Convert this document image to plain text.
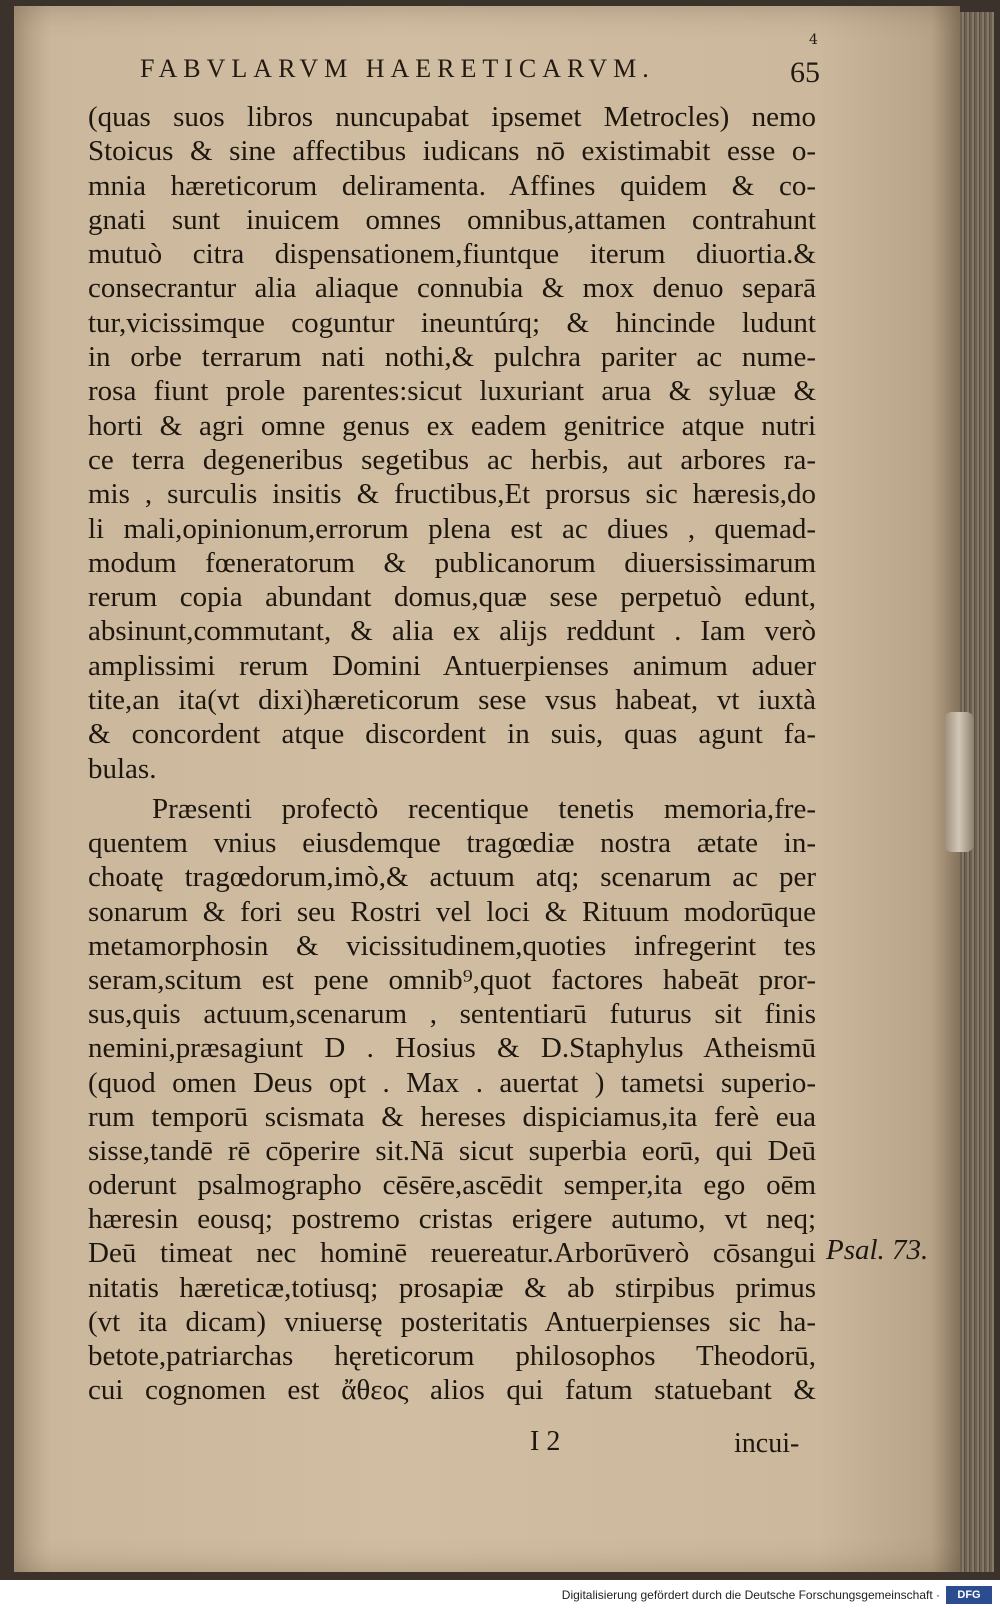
4
FABVLARVM HAERETICARVM.	65
(quas suos libros nuncupabat ipsemet Metrocles) nemo
Stoicus & sine affectibus iudicans nō existimabit esse o-
mnia hæreticorum deliramenta. Affines quidem & co-
gnati sunt inuicem omnes omnibus,attamen contrahunt
mutuò citra dispensationem,fiuntque iterum diuortia.&
consecrantur alia aliaque connubia & mox denuo separā
tur,vicissimque coguntur ineuntúrq; & hincinde ludunt
in orbe terrarum nati nothi,& pulchra pariter ac nume-
rosa fiunt prole parentes:sicut luxuriant arua & syluæ &
horti & agri omne genus ex eadem genitrice atque nutri
ce terra degeneribus segetibus ac herbis, aut arbores ra-
mis , surculis insitis & fructibus,Et prorsus sic hæresis,do
li mali,opinionum,errorum plena est ac diues , quemad-
modum fœneratorum & publicanorum diuersissimarum
rerum copia abundant domus,quæ sese perpetuò edunt,
absinunt,commutant, & alia ex alijs reddunt . Iam verò
amplissimi rerum Domini Antuerpienses animum aduer
tite,an ita(vt dixi)hæreticorum sese vsus habeat, vt iuxtà
& concordent atque discordent in suis, quas agunt fa-
bulas.
Præsenti profectò recentique tenetis memoria,fre-
quentem vnius eiusdemque tragœdiæ nostra ætate in-
choatę tragœdorum,imò,& actuum atq; scenarum ac per
sonarum & fori seu Rostri vel loci & Rituum modorūque
metamorphosin & vicissitudinem,quoties infregerint tes
seram,scitum est pene omnib⁹,quot factores habeāt pror-
sus,quis actuum,scenarum , sententiarū futurus sit finis
nemini,præsagiunt D . Hosius & D.Staphylus Atheismū
(quod omen Deus opt . Max . auertat ) tametsi superio-
rum temporū scismata & hereses dispiciamus,ita ferè eua
sisse,tandē rē cōperire sit.Nā sicut superbia eorū, qui Deū
oderunt psalmographo cēsēre,ascēdit semper,ita ego oēm
hæresin eousq; postremo cristas erigere autumo, vt neq;
Deū timeat nec hominē reuereatur.Arborūverò cōsangui
nitatis hæreticæ,totiusq; prosapiæ & ab stirpibus primus
(vt ita dicam) vniuersę posteritatis Antuerpienses sic ha-
betote,patriarchas hęreticorum philosophos Theodorū,
cui cognomen est ἄθεος alios qui fatum statuebant &
Psal. 73.
I 2	incui-
Digitalisierung gefördert durch die Deutsche Forschungsgemeinschaft ·	DFG
